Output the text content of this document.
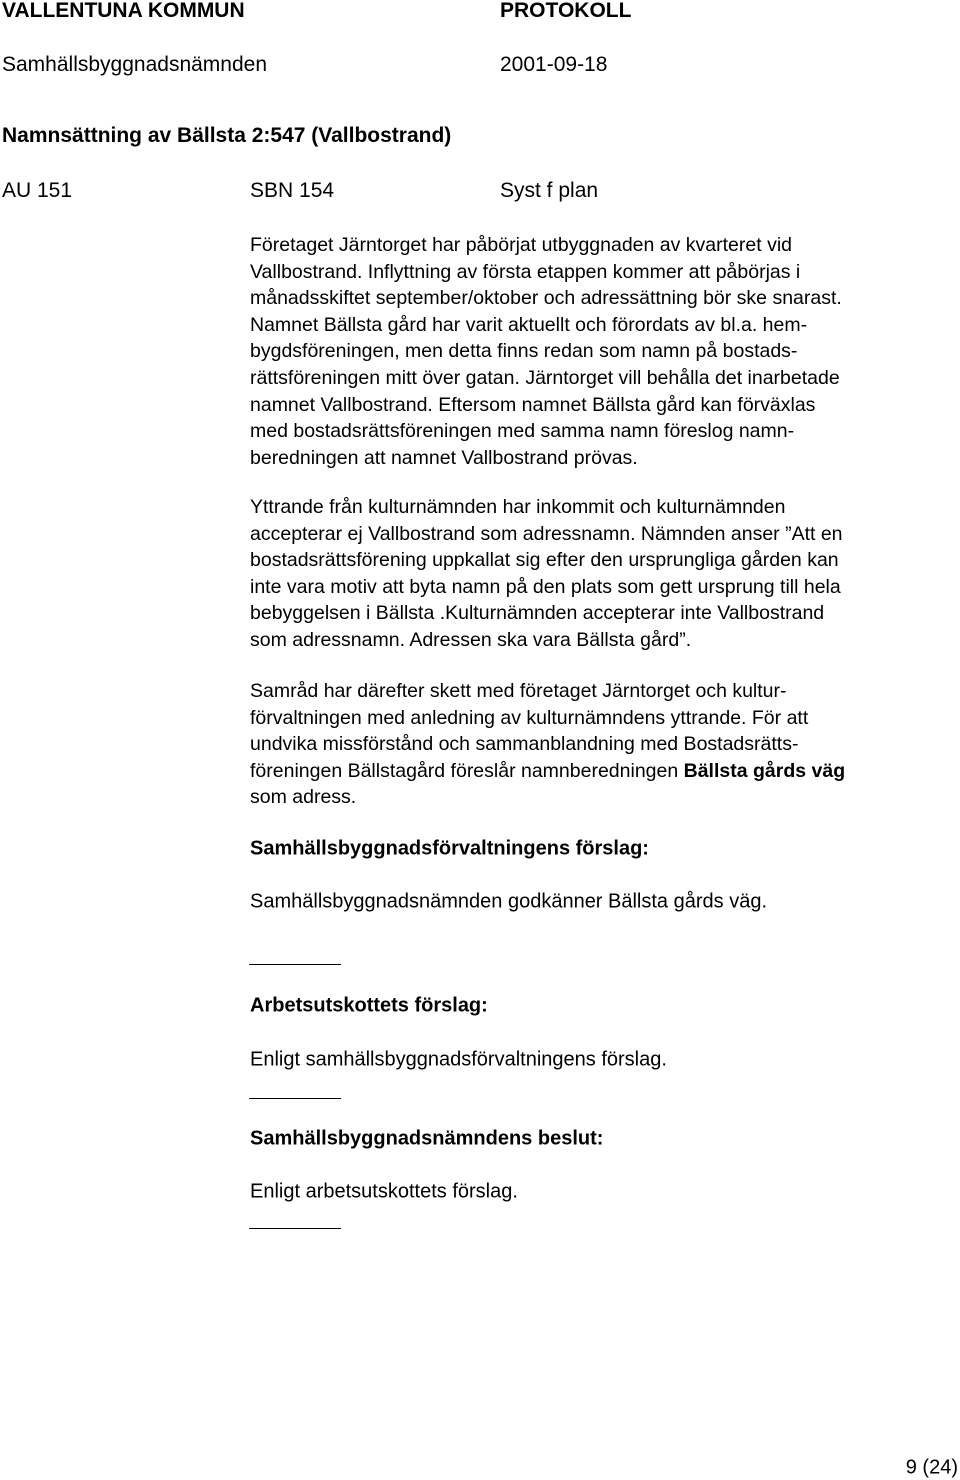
VALLENTUNA KOMMUN	PROTOKOLL
Samhällsbyggnadsnämnden	2001-09-18
Namnsättning av Bällsta 2:547 (Vallbostrand)
AU 151	SBN 154	Syst f plan
Företaget Järntorget har påbörjat utbyggnaden av kvarteret vid
Vallbostrand. Inflyttning av första etappen kommer att påbörjas i
månadsskiftet september/oktober och adressättning bör ske snarast.
Namnet Bällsta gård har varit aktuellt och förordats av bl.a. hem-
bygdsföreningen, men detta finns redan som namn på bostads-
rättsföreningen mitt över gatan. Järntorget vill behålla det inarbetade
namnet Vallbostrand. Eftersom namnet Bällsta gård kan förväxlas
med bostadsrättsföreningen med samma namn föreslog namn-
beredningen att namnet Vallbostrand prövas.
Yttrande från kulturnämnden har inkommit och kulturnämnden
accepterar ej Vallbostrand som adressnamn. Nämnden anser ”Att en
bostadsrättsförening uppkallat sig efter den ursprungliga gården kan
inte vara motiv att byta namn på den plats som gett ursprung till hela
bebyggelsen i Bällsta .Kulturnämnden accepterar inte Vallbostrand
som adressnamn. Adressen ska vara Bällsta gård”.
Samråd har därefter skett med företaget Järntorget och kultur-
förvaltningen med anledning av kulturnämndens yttrande. För att
undvika missförstånd och sammanblandning med Bostadsrätts-
föreningen Bällstagård föreslår namnberedningen Bällsta gårds väg
som adress.
Samhällsbyggnadsförvaltningens förslag:
Samhällsbyggnadsnämnden godkänner Bällsta gårds väg.
Arbetsutskottets förslag:
Enligt samhällsbyggnadsförvaltningens förslag.
Samhällsbyggnadsnämndens beslut:
Enligt arbetsutskottets förslag.
9 (24)
